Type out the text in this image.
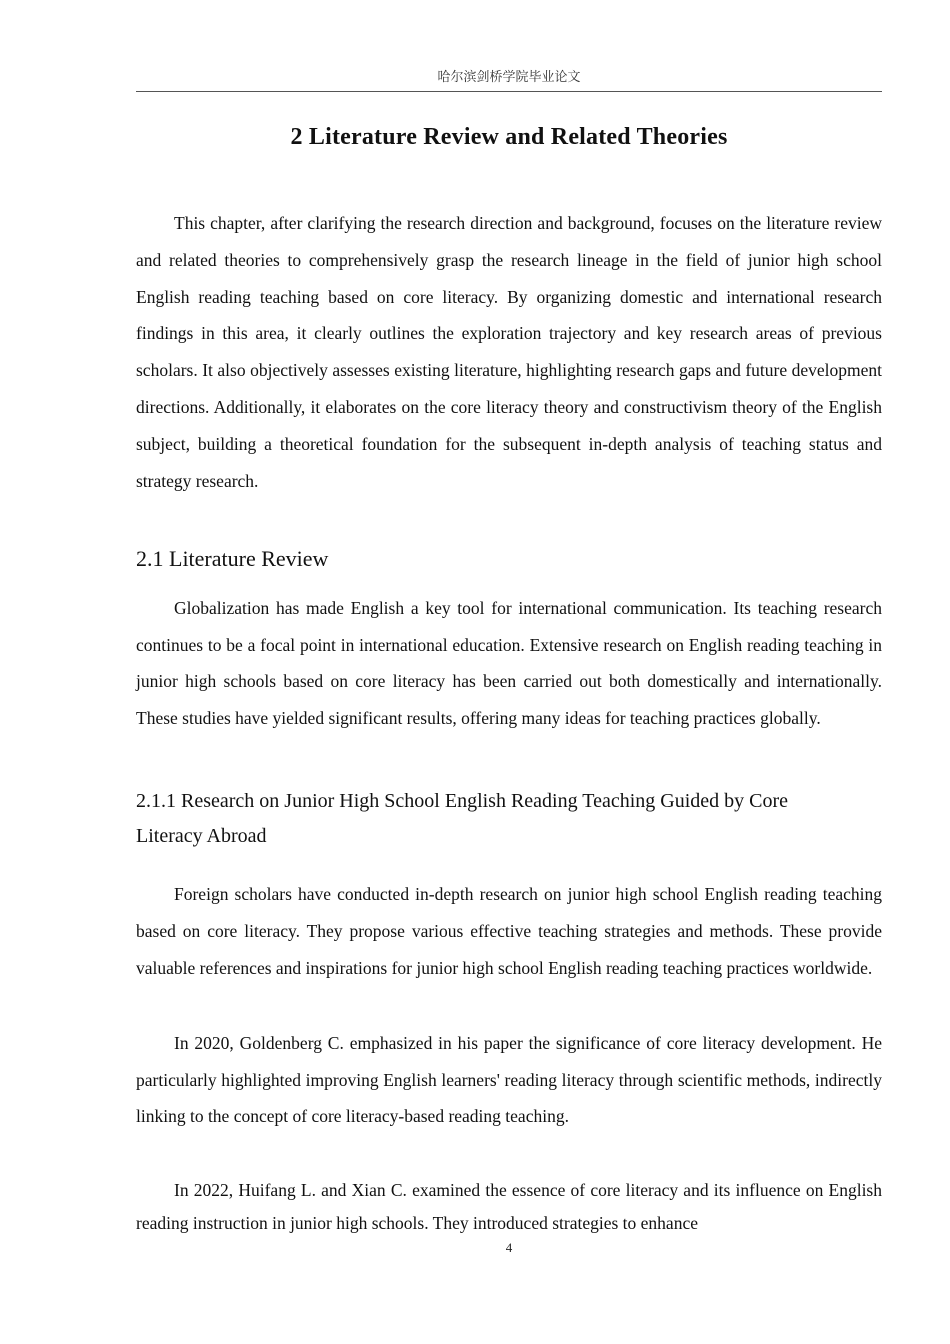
哈尔滨剑桥学院毕业论文
2 Literature Review and Related Theories

This chapter, after clarifying the research direction and background, focuses on the literature review and related theories to comprehensively grasp the research lineage in the field of junior high school English reading teaching based on core literacy. By organizing domestic and international research findings in this area, it clearly outlines the exploration trajectory and key research areas of previous scholars. It also objectively assesses existing literature, highlighting research gaps and future development directions. Additionally, it elaborates on the core literacy theory and constructivism theory of the English subject, building a theoretical foundation for the subsequent in-depth analysis of teaching status and strategy research.

2.1 Literature Review

Globalization has made English a key tool for international communication. Its teaching research continues to be a focal point in international education. Extensive research on English reading teaching in junior high schools based on core literacy has been carried out both domestically and internationally. These studies have yielded significant results, offering many ideas for teaching practices globally.

2.1.1 Research on Junior High School English Reading Teaching Guided by Core Literacy Abroad

Foreign scholars have conducted in-depth research on junior high school English reading teaching based on core literacy. They propose various effective teaching strategies and methods. These provide valuable references and inspirations for junior high school English reading teaching practices worldwide.

In 2020, Goldenberg C. emphasized in his paper the significance of core literacy development. He particularly highlighted improving English learners' reading literacy through scientific methods, indirectly linking to the concept of core literacy-based reading teaching.

In 2022, Huifang L. and Xian C. examined the essence of core literacy and its influence on English reading instruction in junior high schools. They introduced strategies to enhance

4
